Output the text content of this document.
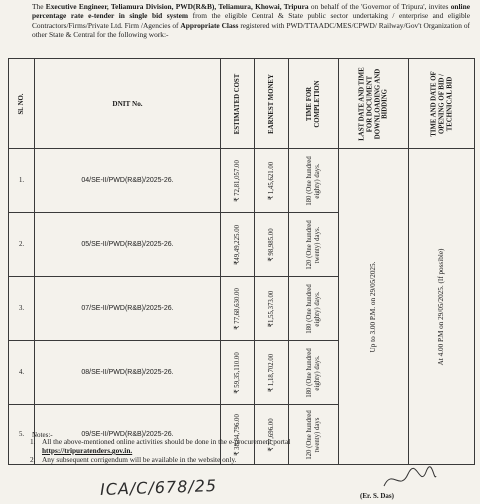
The Executive Engineer, Teliamura Division, PWD(R&B), Teliamura, Khowai, Tripura on behalf of the 'Governor of Tripura', invites online percentage rate e-tender in single bid system from the eligible Central & State public sector undertaking / enterprise and eligible Contractors/Firms/Private Ltd. Firm /Agencies of Appropriate Class registered with PWD/TTAADC/MES/CPWD/ Railway/Gov't Organization of other State & Central for the following work:-
Sl. NO.	DNIT No.	ESTIMATED COST	EARNEST MONEY	TIME FOR COMPLETION	LAST DATE AND TIME FOR DOCUMENT DOWNLOADING AND BIDDING	TIME AND DATE OF OPENING OF BID / TECHNICAL BID

1.	04/SE-II/PWD(R&B)/2025-26.	₹ 72,81,057.00	₹ 1,45,621.00	180 (One hundred eighty) days.	Up to 3.00 P.M. on 29/05/2025.	At 4.00 P.M on 29/05/2025. (If possible)

2.	05/SE-II/PWD(R&B)/2025-26.	₹49,49,225.00	₹ 98,985.00	120 (One hundred twenty) days.		

3.	07/SE-II/PWD(R&B)/2025-26.	₹ 77,68,630.00	₹1,55,373.00	180 (One hundred eighty) days.		

4.	08/SE-II/PWD(R&B)/2025-26.	₹ 59,35,110.00	₹ 1,18,702.00	180 (One hundred eighty) days.		

5.	09/SE-II/PWD(R&B)/2025-26.	₹ 38,84,796.00	₹ 77,696.00	120 (One hundred twenty) days		
Notes:-
1. All the above-mentioned online activities should be done in the e-procurement portal
https://tripuratenders.gov.in.
2. Any subsequent corrigendum will be available in the website only.
ICA/C/678/25	(Er. S. Das)
